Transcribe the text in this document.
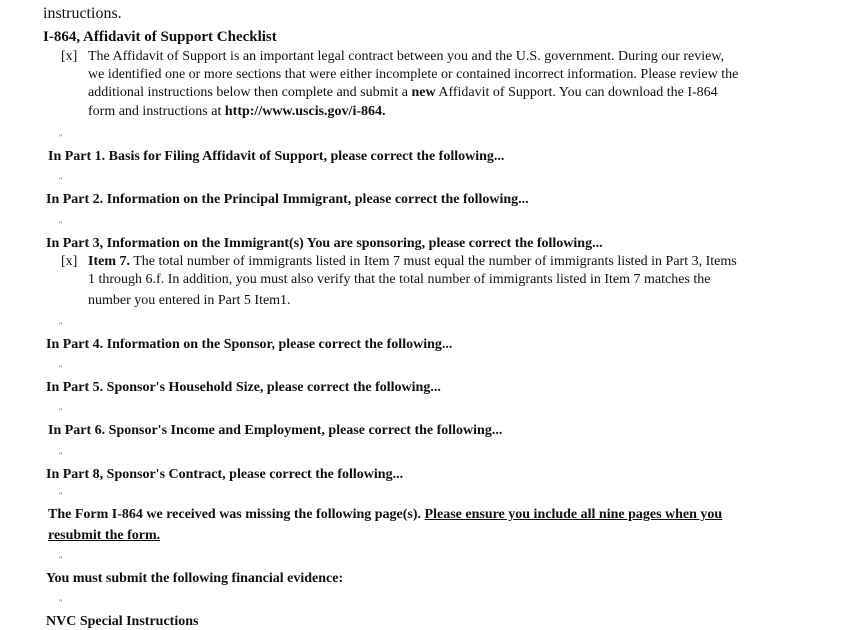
instructions.
I-864, Affidavit of Support Checklist
[x] The Affidavit of Support is an important legal contract between you and the U.S. government. During our review,
we identified one or more sections that were either incomplete or contained incorrect information. Please review the
additional instructions below then complete and submit a new Affidavit of Support. You can download the I-864
form and instructions at http://www.uscis.gov/i-864.
"
In Part 1. Basis for Filing Affidavit of Support, please correct the following...
"
In Part 2. Information on the Principal Immigrant, please correct the following...
"
In Part 3, Information on the Immigrant(s) You are sponsoring, please correct the following...
[x] Item 7. The total number of immigrants listed in Item 7 must equal the number of immigrants listed in Part 3, Items
1 through 6.f. In addition, you must also verify that the total number of immigrants listed in Item 7 matches the
number you entered in Part 5 Item1.
"
In Part 4. Information on the Sponsor, please correct the following...
"
In Part 5. Sponsor's Household Size, please correct the following...
"
In Part 6. Sponsor's Income and Employment, please correct the following...
"
In Part 8, Sponsor's Contract, please correct the following...
"
The Form I-864 we received was missing the following page(s). Please ensure you include all nine pages when you
resubmit the form.
"
You must submit the following financial evidence:
"
NVC Special Instructions
